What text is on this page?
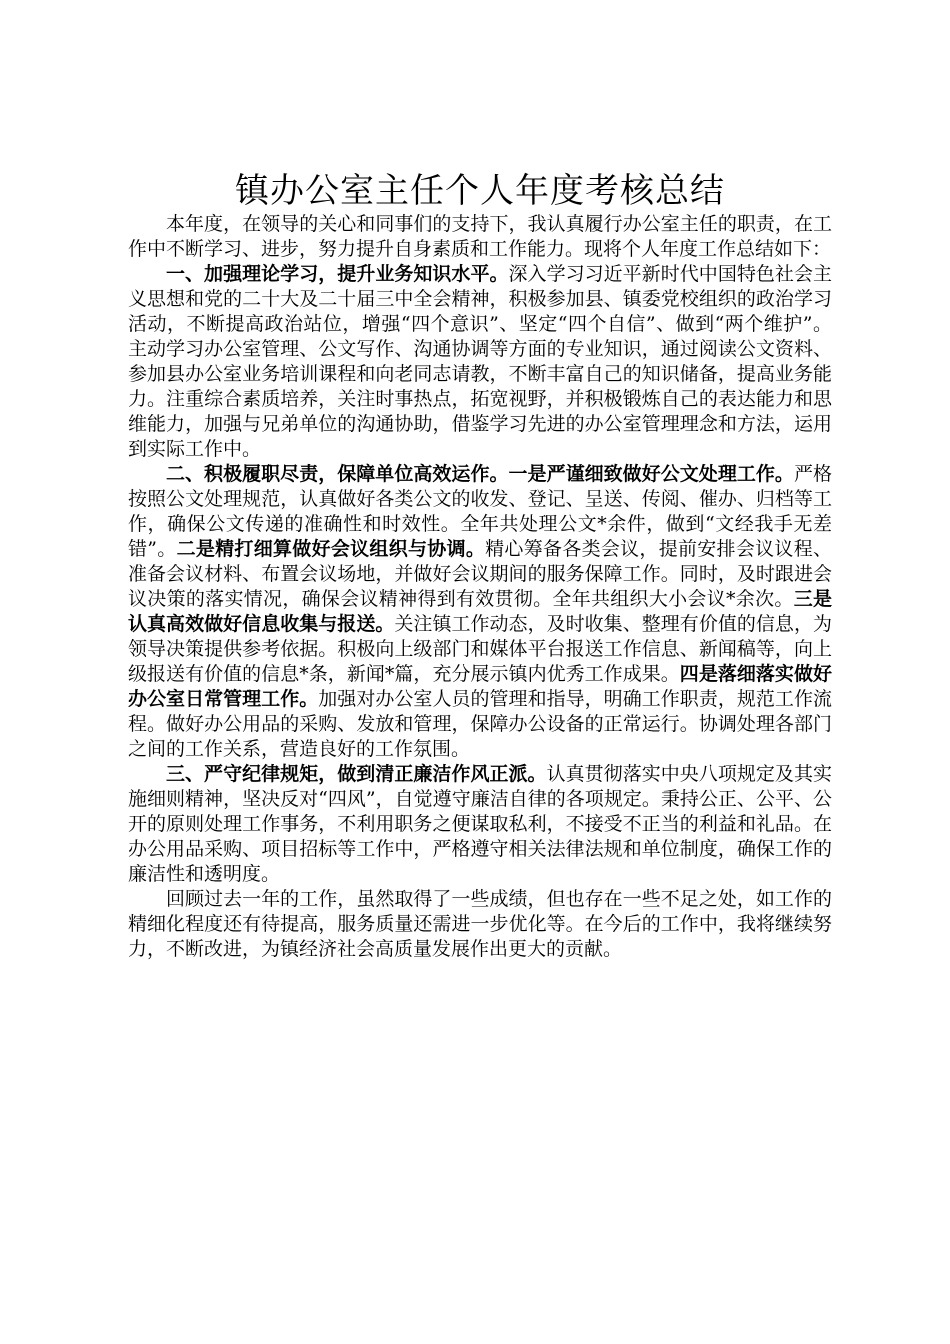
镇办公室主任个人年度考核总结

本年度，在领导的关心和同事们的支持下，我认真履行办公室主任的职责，在工作中不断学习、进步，努力提升自身素质和工作能力。现将个人年度工作总结如下：

一、加强理论学习，提升业务知识水平。深入学习习近平新时代中国特色社会主义思想和党的二十大及二十届三中全会精神，积极参加县、镇委党校组织的政治学习活动，不断提高政治站位，增强“四个意识”、坚定“四个自信”、做到“两个维护”。主动学习办公室管理、公文写作、沟通协调等方面的专业知识，通过阅读公文资料、参加县办公室业务培训课程和向老同志请教，不断丰富自己的知识储备，提高业务能力。注重综合素质培养，关注时事热点，拓宽视野，并积极锻炼自己的表达能力和思维能力，加强与兄弟单位的沟通协助，借鉴学习先进的办公室管理理念和方法，运用到实际工作中。

二、积极履职尽责，保障单位高效运作。一是严谨细致做好公文处理工作。严格按照公文处理规范，认真做好各类公文的收发、登记、呈送、传阅、催办、归档等工作，确保公文传递的准确性和时效性。全年共处理公文*余件，做到“文经我手无差错”。二是精打细算做好会议组织与协调。精心筹备各类会议，提前安排会议议程、准备会议材料、布置会议场地，并做好会议期间的服务保障工作。同时，及时跟进会议决策的落实情况，确保会议精神得到有效贯彻。全年共组织大小会议*余次。三是认真高效做好信息收集与报送。关注镇工作动态，及时收集、整理有价值的信息，为领导决策提供参考依据。积极向上级部门和媒体平台报送工作信息、新闻稿等，向上级报送有价值的信息*条，新闻*篇，充分展示镇内优秀工作成果。四是落细落实做好办公室日常管理工作。加强对办公室人员的管理和指导，明确工作职责，规范工作流程。做好办公用品的采购、发放和管理，保障办公设备的正常运行。协调处理各部门之间的工作关系，营造良好的工作氛围。

三、严守纪律规矩，做到清正廉洁作风正派。认真贯彻落实中央八项规定及其实施细则精神，坚决反对“四风”，自觉遵守廉洁自律的各项规定。秉持公正、公平、公开的原则处理工作事务，不利用职务之便谋取私利，不接受不正当的利益和礼品。在办公用品采购、项目招标等工作中，严格遵守相关法律法规和单位制度，确保工作的廉洁性和透明度。

回顾过去一年的工作，虽然取得了一些成绩，但也存在一些不足之处，如工作的精细化程度还有待提高，服务质量还需进一步优化等。在今后的工作中，我将继续努力，不断改进，为镇经济社会高质量发展作出更大的贡献。
